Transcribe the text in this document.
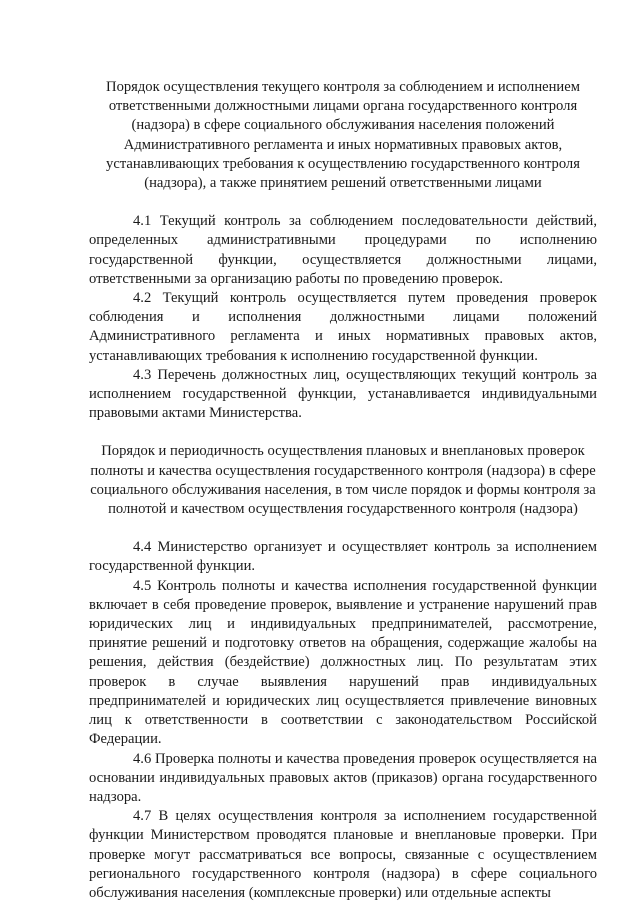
Порядок осуществления текущего контроля за соблюдением и исполнением ответственными должностными лицами органа государственного контроля (надзора) в сфере социального обслуживания населения положений Административного регламента и иных нормативных правовых актов, устанавливающих требования к осуществлению государственного контроля (надзора), а также принятием решений ответственными лицами

4.1 Текущий контроль за соблюдением последовательности действий, определенных административными процедурами по исполнению государственной функции, осуществляется должностными лицами, ответственными за организацию работы по проведению проверок.

4.2 Текущий контроль осуществляется путем проведения проверок соблюдения и исполнения должностными лицами положений Административного регламента и иных нормативных правовых актов, устанавливающих требования к исполнению государственной функции.

4.3 Перечень должностных лиц, осуществляющих текущий контроль за исполнением государственной функции, устанавливается индивидуальными правовыми актами Министерства.

Порядок и периодичность осуществления плановых и внеплановых проверок полноты и качества осуществления государственного контроля (надзора) в сфере социального обслуживания населения, в том числе порядок и формы контроля за полнотой и качеством осуществления государственного контроля (надзора)

4.4 Министерство организует и осуществляет контроль за исполнением государственной функции.

4.5 Контроль полноты и качества исполнения государственной функции включает в себя проведение проверок, выявление и устранение нарушений прав юридических лиц и индивидуальных предпринимателей, рассмотрение, принятие решений и подготовку ответов на обращения, содержащие жалобы на решения, действия (бездействие) должностных лиц. По результатам этих проверок в случае выявления нарушений прав индивидуальных предпринимателей и юридических лиц осуществляется привлечение виновных лиц к ответственности в соответствии с законодательством Российской Федерации.

4.6 Проверка полноты и качества проведения проверок осуществляется на основании индивидуальных правовых актов (приказов) органа государственного надзора.

4.7 В целях осуществления контроля за исполнением государственной функции Министерством проводятся плановые и внеплановые проверки. При проверке могут рассматриваться все вопросы, связанные с осуществлением регионального государственного контроля (надзора) в сфере социального обслуживания населения (комплексные проверки) или отдельные аспекты
